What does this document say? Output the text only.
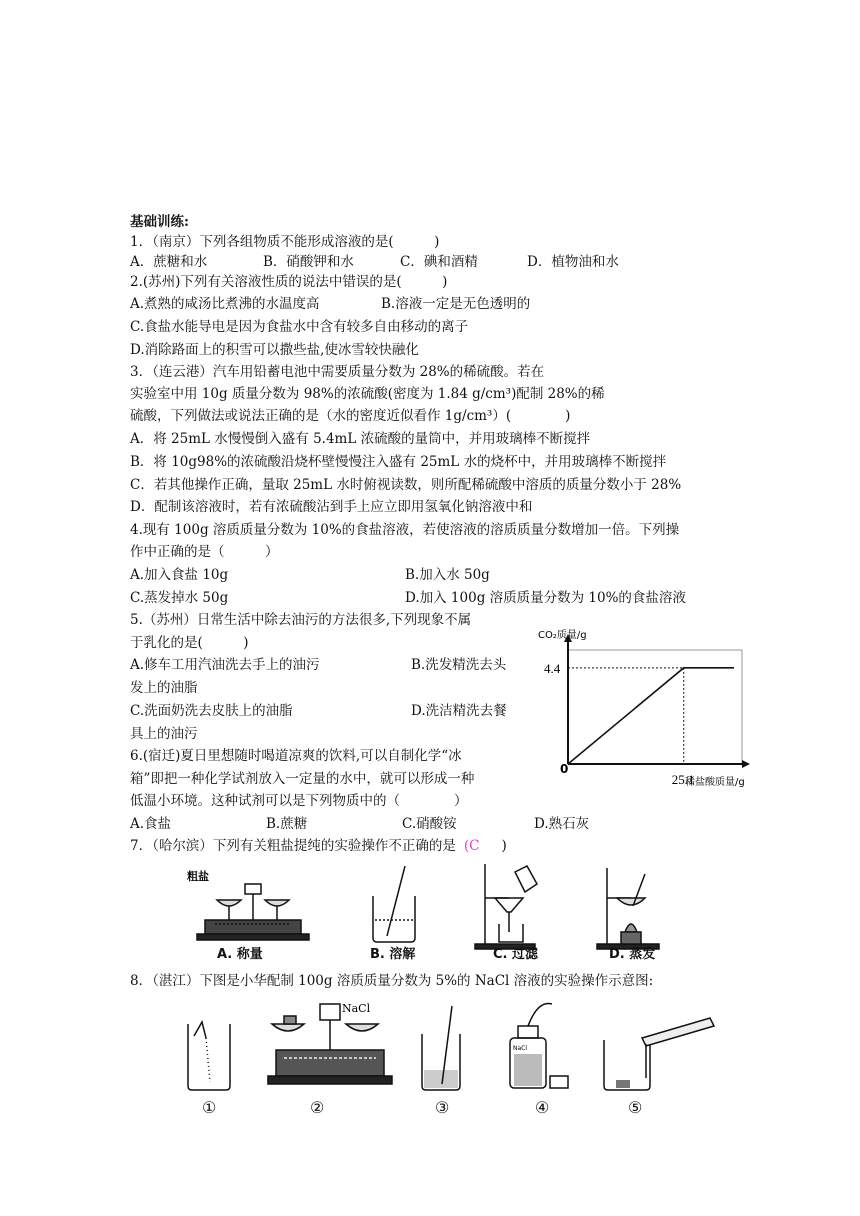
基础训练:
1．（南京）下列各组物质不能形成溶液的是(　　　)
A．蔗糖和水	B．硝酸钾和水	C．碘和酒精	D．植物油和水
2.(苏州)下列有关溶液性质的说法中错误的是(　　　)
A.煮熟的咸汤比煮沸的水温度高	B.溶液一定是无色透明的
C.食盐水能导电是因为食盐水中含有较多自由移动的离子
D.消除路面上的积雪可以撒些盐,使冰雪较快融化
3．（连云港）汽车用铅蓄电池中需要质量分数为 28%的稀硫酸。若在
实验室中用 10g 质量分数为 98%的浓硫酸(密度为 1.84 g/cm³)配制 28%的稀
硫酸，下列做法或说法正确的是（水的密度近似看作 1g/cm³）(　　　　)
A．将 25mL 水慢慢倒入盛有 5.4mL 浓硫酸的量筒中，并用玻璃棒不断搅拌
B．将 10g98%的浓硫酸沿烧杯壁慢慢注入盛有 25mL 水的烧杯中，并用玻璃棒不断搅拌
C．若其他操作正确，量取 25mL 水时俯视读数，则所配稀硫酸中溶质的质量分数小于 28%
D．配制该溶液时，若有浓硫酸沾到手上应立即用氢氧化钠溶液中和
4.现有 100g 溶质质量分数为 10%的食盐溶液，若使溶液的溶质质量分数增加一倍。下列操
作中正确的是（　　　）
A.加入食盐 10g	B.加入水 50g
C.蒸发掉水 50g	D.加入 100g 溶质质量分数为 10%的食盐溶液
5.（苏州）日常生活中除去油污的方法很多,下列现象不属
于乳化的是(　　　)
A.修车工用汽油洗去手上的油污	B.洗发精洗去头
发上的油脂
C.洗面奶洗去皮肤上的油脂	D.洗洁精洗去餐
具上的油污
6.(宿迁)夏日里想随时喝道凉爽的饮料,可以自制化学“冰
箱”即把一种化学试剂放入一定量的水中，就可以形成一种
低温小环境。这种试剂可以是下列物质中的（　　　　）
A.食盐	B.蔗糖	C.硝酸铵	D.熟石灰
CO₂质量/g
稀盐酸质量/g
0
25.1
4.4
7．（哈尔滨）下列有关粗盐提纯的实验操作不正确的是 (C )
粗盐
A. 称量	B. 溶解	C. 过滤	D. 蒸发
8．（湛江）下图是小华配制 100g 溶质质量分数为 5%的 NaCl 溶液的实验操作示意图:
NaCl
NaCl
①	②	③	④	⑤
